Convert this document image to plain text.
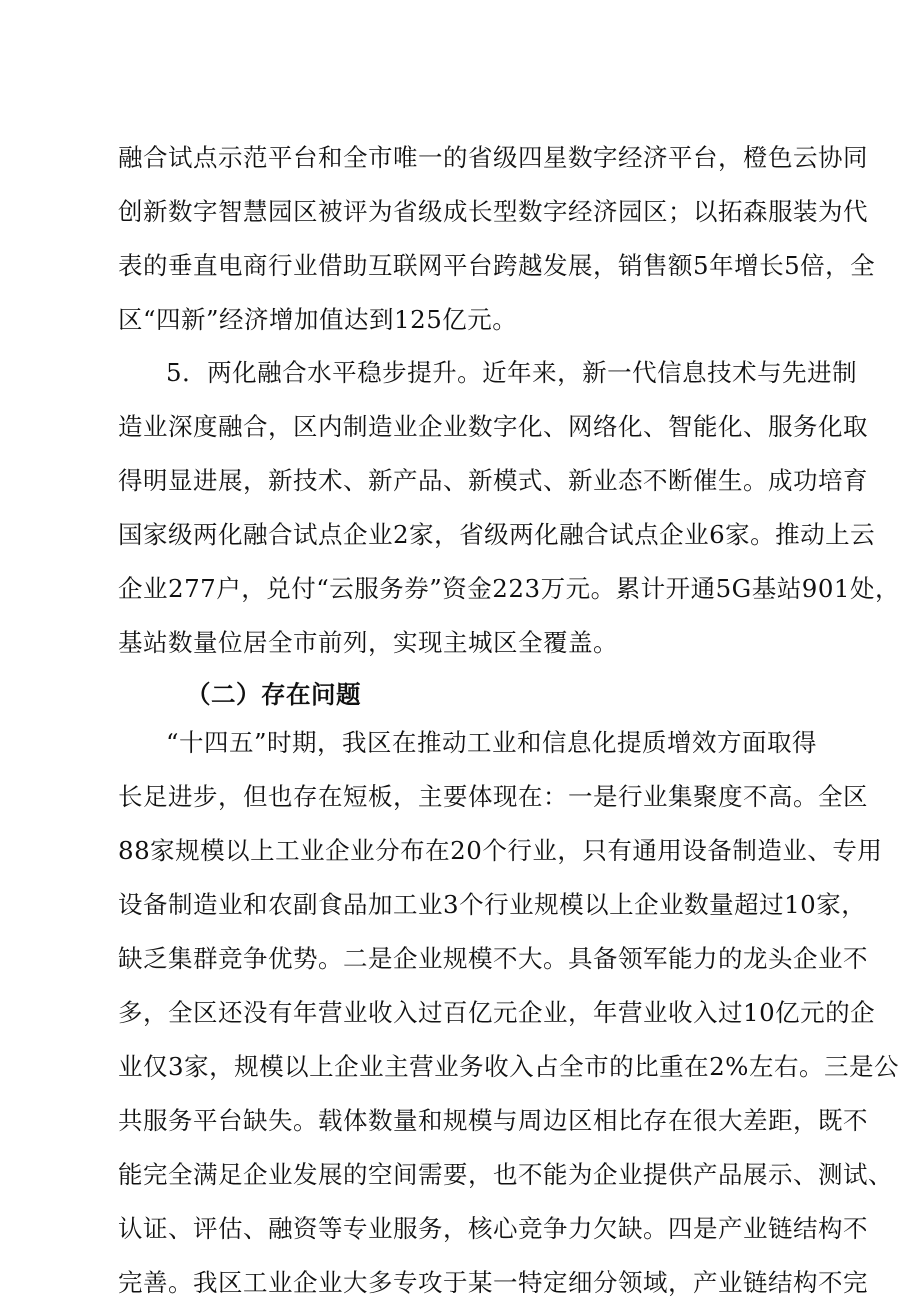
融合试点示范平台和全市唯一的省级四星数字经济平台，橙色云协同
创新数字智慧园区被评为省级成长型数字经济园区；以拓森服装为代
表的垂直电商行业借助互联网平台跨越发展，销售额5年增长5倍，全
区“四新”经济增加值达到125亿元。
5．两化融合水平稳步提升。近年来，新一代信息技术与先进制
造业深度融合，区内制造业企业数字化、网络化、智能化、服务化取
得明显进展，新技术、新产品、新模式、新业态不断催生。成功培育
国家级两化融合试点企业2家，省级两化融合试点企业6家。推动上云
企业277户，兑付“云服务券”资金223万元。累计开通5G基站901处，
基站数量位居全市前列，实现主城区全覆盖。
（二）存在问题
“十四五”时期，我区在推动工业和信息化提质增效方面取得
长足进步，但也存在短板，主要体现在：一是行业集聚度不高。全区
88家规模以上工业企业分布在20个行业，只有通用设备制造业、专用
设备制造业和农副食品加工业3个行业规模以上企业数量超过10家，
缺乏集群竞争优势。二是企业规模不大。具备领军能力的龙头企业不
多，全区还没有年营业收入过百亿元企业，年营业收入过10亿元的企
业仅3家，规模以上企业主营业务收入占全市的比重在2%左右。三是公
共服务平台缺失。载体数量和规模与周边区相比存在很大差距，既不
能完全满足企业发展的空间需要，也不能为企业提供产品展示、测试、
认证、评估、融资等专业服务，核心竞争力欠缺。四是产业链结构不
完善。我区工业企业大多专攻于某一特定细分领域，产业链结构不完
